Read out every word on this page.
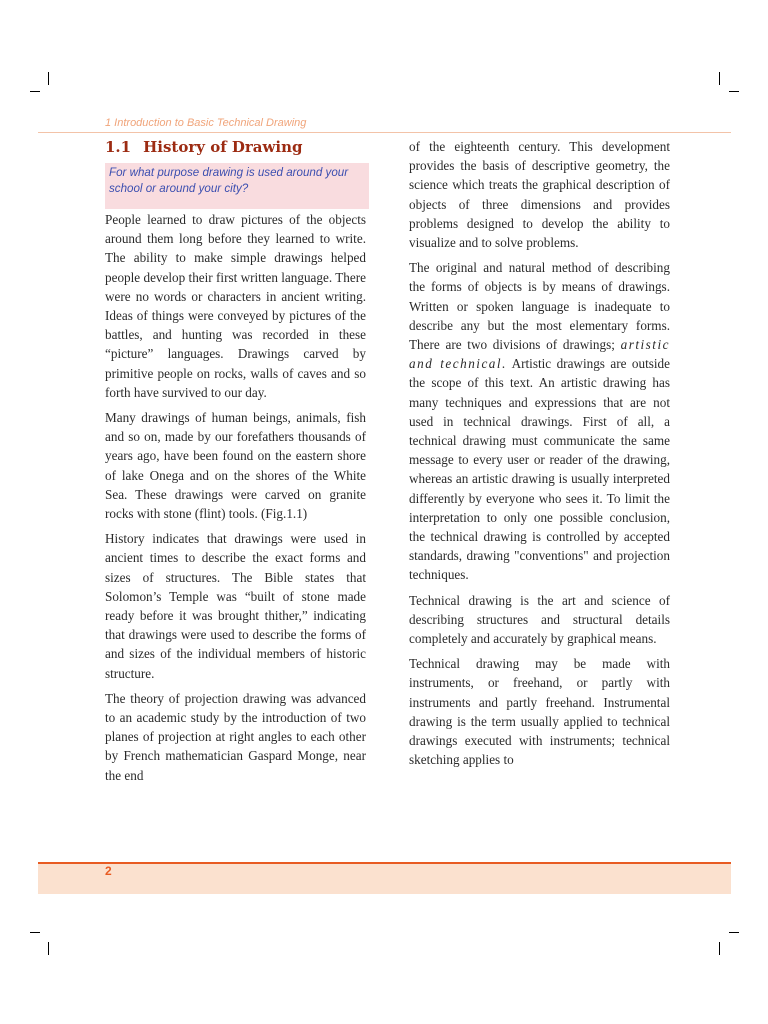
1 Introduction to Basic Technical Drawing
1.1 History of Drawing
For what purpose drawing is used around your school or around your city?

People learned to draw pictures of the objects around them long before they learned to write. The ability to make simple drawings helped people develop their first written language. There were no words or characters in ancient writing. Ideas of things were conveyed by pictures of the battles, and hunting was recorded in these “picture” languages. Drawings carved by primitive people on rocks, walls of caves and so forth have survived to our day.

Many drawings of human beings, animals, fish and so on, made by our forefathers thousands of years ago, have been found on the eastern shore of lake Onega and on the shores of the White Sea. These drawings were carved on granite rocks with stone (flint) tools. (Fig.1.1)

History indicates that drawings were used in ancient times to describe the exact forms and sizes of structures. The Bible states that Solomon’s Temple was “built of stone made ready before it was brought thither,” indicating that drawings were used to describe the forms of and sizes of the individual members of historic structure.

The theory of projection drawing was advanced to an academic study by the introduction of two planes of projection at right angles to each other by French mathematician Gaspard Monge, near the end

of the eighteenth century. This development provides the basis of descriptive geometry, the science which treats the graphical description of objects of three dimensions and provides problems designed to develop the ability to visualize and to solve problems.

The original and natural method of describing the forms of objects is by means of drawings. Written or spoken language is inadequate to describe any but the most elementary forms. There are two divisions of drawings; artistic and technical. Artistic drawings are outside the scope of this text. An artistic drawing has many techniques and expressions that are not used in technical drawings. First of all, a technical drawing must communicate the same message to every user or reader of the drawing, whereas an artistic drawing is usually interpreted differently by everyone who sees it. To limit the interpretation to only one possible conclusion, the technical drawing is controlled by accepted standards, drawing "conventions" and projection techniques.

Technical drawing is the art and science of describing structures and structural details completely and accurately by graphical means.

Technical drawing may be made with instruments, or freehand, or partly with instruments and partly freehand. Instrumental drawing is the term usually applied to technical drawings executed with instruments; technical sketching applies to

2
